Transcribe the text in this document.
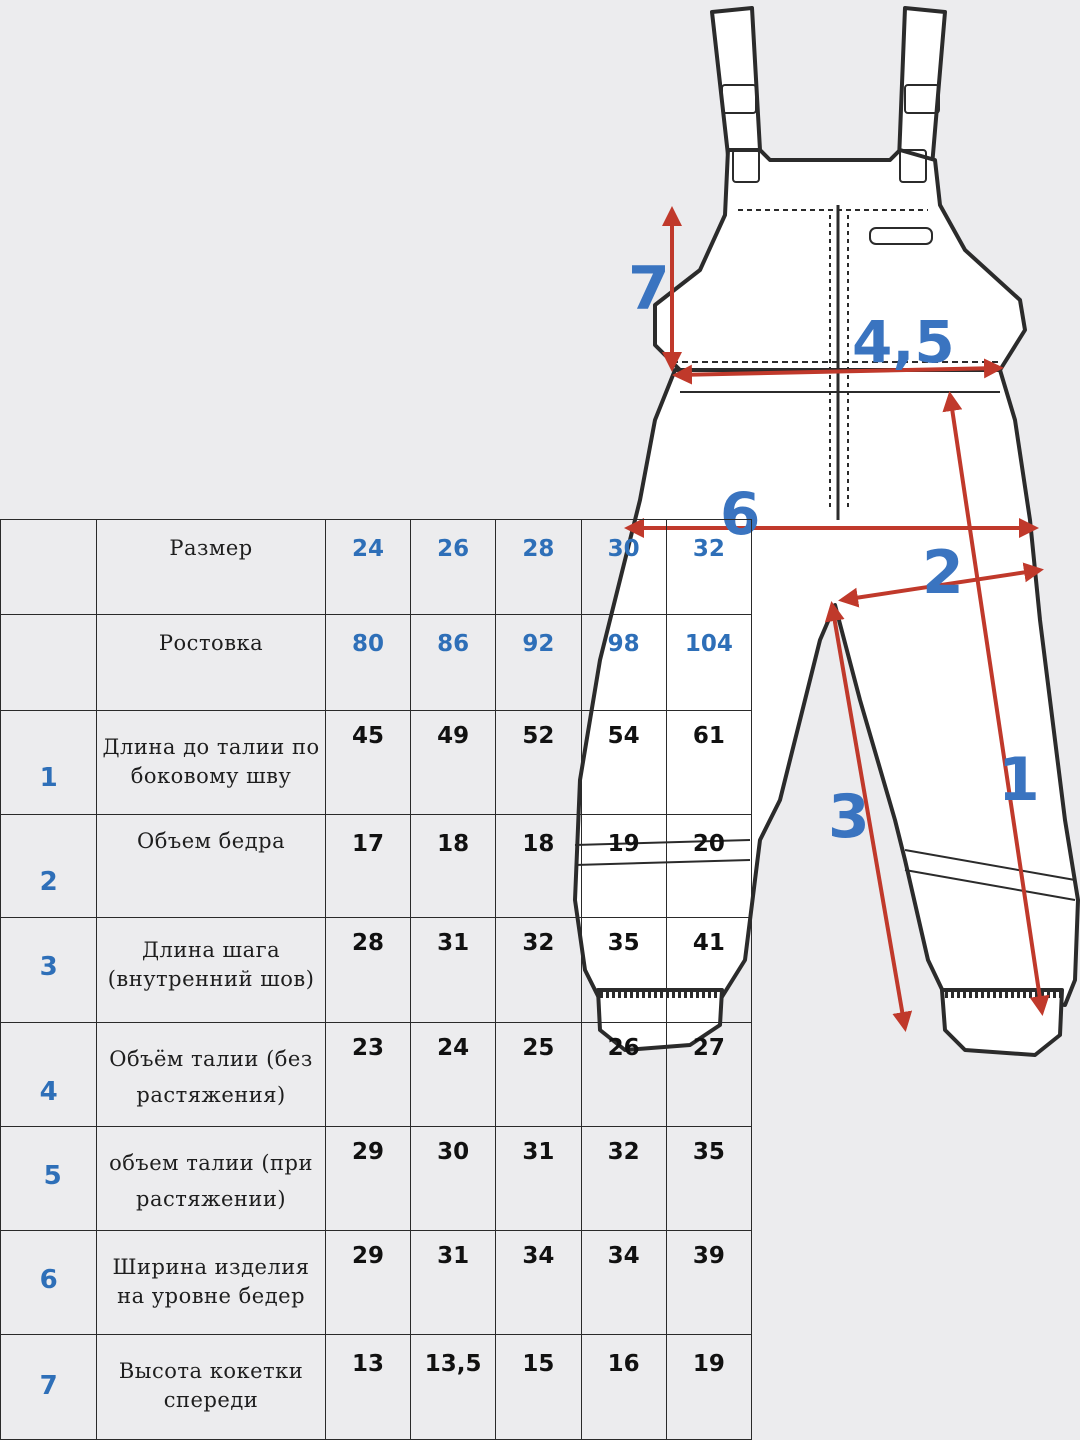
7
4,5
6
2
3
1

	Размер	24	26	28	30	32

	Ростовка	80	86	92	98	104

1	Длина до талии по боковому шву	45	49	52	54	61

2	Объем бедра	17	18	18	19	20

3	Длина шага (внутренний шов)	28	31	32	35	41

4	Объём талии (без растяжения)	23	24	25	26	27

5	объем талии (при растяжении)	29	30	31	32	35

6	Ширина изделия на уровне бедер	29	31	34	34	39

7	Высота кокетки спереди	13	13,5	15	16	19
